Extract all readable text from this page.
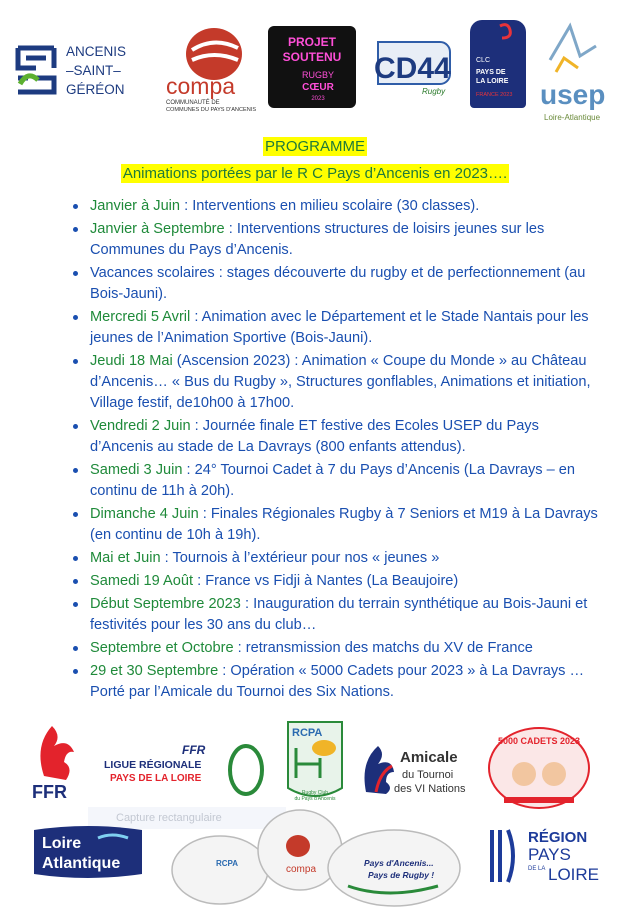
ANCENIS
–SAINT–
GÉRÉON compa
COMMUNAUTÉ DE
COMMUNES DU PAYS D'ANCENIS
PROJET
SOUTENU
RUGBY
CŒUR
2023
CD44
Rugby
CLC
PAYS DE
LA LOIRE
FRANCE 2023 usep
Loire-Atlantique
PROGRAMME
Animations portées par le R C Pays d’Ancenis en 2023….
Janvier à Juin : Interventions en milieu scolaire (30 classes).
Janvier à Septembre : Interventions structures de loisirs jeunes sur les Communes du Pays d’Ancenis.
Vacances scolaires : stages découverte du rugby et de perfectionnement (au Bois-Jauni).
Mercredi 5 Avril : Animation avec le Département et le Stade Nantais pour les jeunes de l’Animation Sportive (Bois-Jauni).
Jeudi 18 Mai (Ascension 2023) : Animation « Coupe du Monde » au Château d’Ancenis… « Bus du Rugby », Structures gonflables, Animations et initiation, Village festif, de10h00 à 17h00.
Vendredi 2 Juin : Journée finale ET festive des Ecoles USEP du Pays d’Ancenis au stade de La Davrays (800 enfants attendus).
Samedi 3 Juin : 24° Tournoi Cadet à 7 du Pays d’Ancenis (La Davrays – en continu de 11h à 20h).
Dimanche 4 Juin : Finales Régionales Rugby à 7 Seniors et M19 à La Davrays (en continu de 10h à 19h).
Mai et Juin : Tournois à l’extérieur pour nos « jeunes »
Samedi 19 Août : France vs Fidji à Nantes (La Beaujoire)
Début Septembre 2023 : Inauguration du terrain synthétique au Bois-Jauni et festivités pour les 30 ans du club…
Septembre et Octobre : retransmission des matchs du XV de France
29 et 30 Septembre : Opération « 5000 Cadets pour 2023 » à La Davrays … Porté par l’Amicale du Tournoi des Six Nations.
FFR
FFR
LIGUE RÉGIONALE
PAYS DE LA LOIRE
RCPA
Rugby Club
du Pays d'Ancenis
Amicale
du Tournoi
des VI Nations
5000 CADETS 2023
Capture rectangulaire
Loire
Atlantique	RCPA
compa
Pays d'Ancenis...
Pays de Rugby !
RÉGION
PAYS
DE LA LOIRE
